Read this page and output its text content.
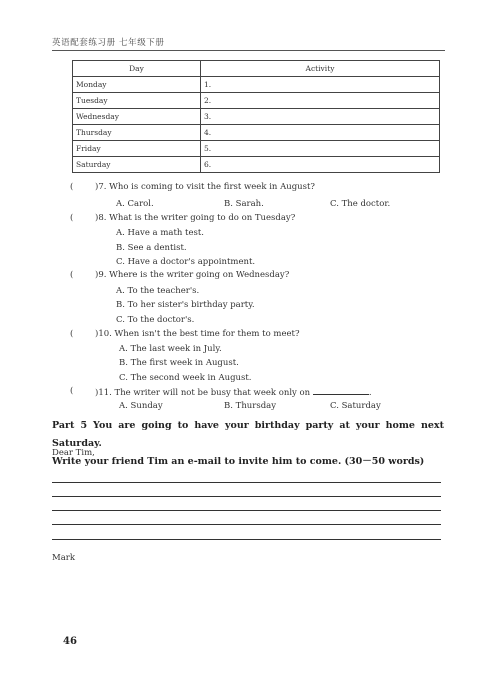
英语配套练习册 七年级下册
Day	Activity
Monday	1.
Tuesday	2.
Wednesday	3.
Thursday	4.
Friday	5.
Saturday	6.
(	)7. Who is coming to visit the first week in August?
A. Carol.	B. Sarah.	C. The doctor.
(	)8. What is the writer going to do on Tuesday?
A. Have a math test.
B. See a dentist.
C. Have a doctor's appointment.
(	)9. Where is the writer going on Wednesday?
A. To the teacher's.
B. To her sister's birthday party.
C. To the doctor's.
(	)10. When isn't the best time for them to meet?
A. The last week in July.
B. The first week in August.
C. The second week in August.
(	)11. The writer will not be busy that week only on	.
A. Sunday	B. Thursday	C. Saturday
Part 5 You are going to have your birthday party at your home next Saturday.
Write your friend Tim an e-mail to invite him to come. (30－50 words)
Dear Tim,
Mark
46
